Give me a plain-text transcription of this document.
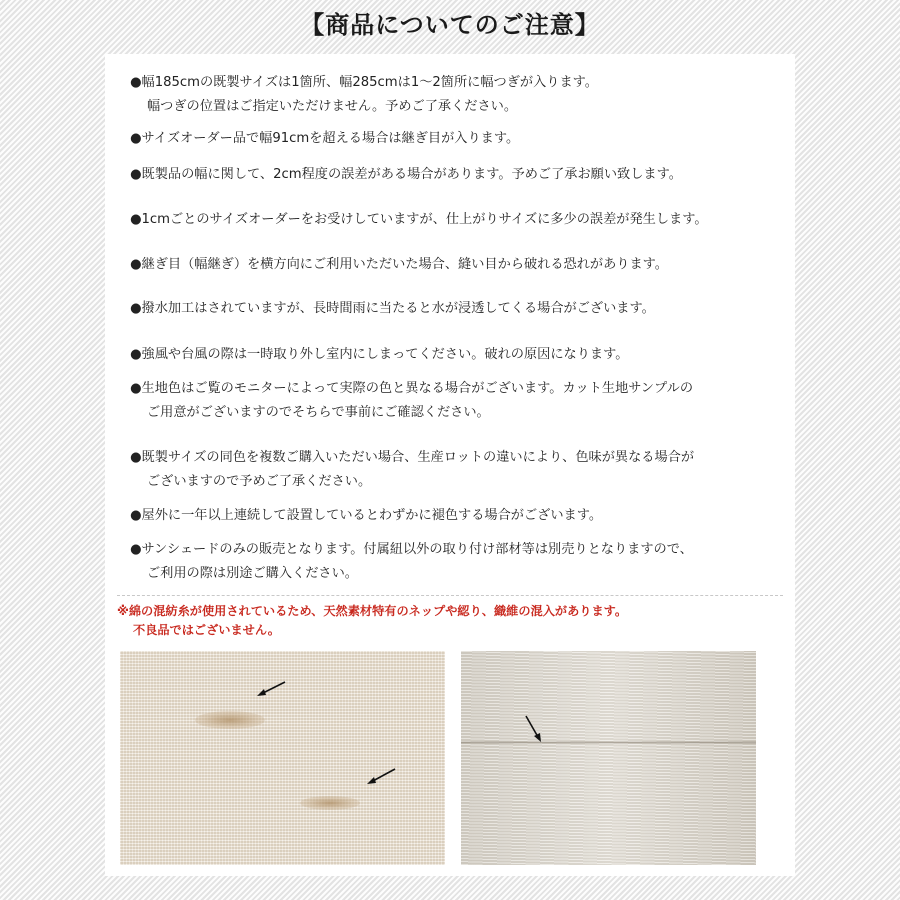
【商品についてのご注意】
●幅185cmの既製サイズは1箇所、幅285cmは1〜2箇所に幅つぎが入ります。
幅つぎの位置はご指定いただけません。予めご了承ください。
●サイズオーダー品で幅91cmを超える場合は継ぎ目が入ります。
●既製品の幅に関して、2cm程度の誤差がある場合があります。予めご了承お願い致します。
●1cmごとのサイズオーダーをお受けしていますが、仕上がりサイズに多少の誤差が発生します。
●継ぎ目（幅継ぎ）を横方向にご利用いただいた場合、縫い目から破れる恐れがあります。
●撥水加工はされていますが、長時間雨に当たると水が浸透してくる場合がございます。
●強風や台風の際は一時取り外し室内にしまってください。破れの原因になります。
●生地色はご覧のモニターによって実際の色と異なる場合がございます。カット生地サンプルの
ご用意がございますのでそちらで事前にご確認ください。
●既製サイズの同色を複数ご購入いただい場合、生産ロットの違いにより、色味が異なる場合が
ございますので予めご了承ください。
●屋外に一年以上連続して設置しているとわずかに褪色する場合がございます。
●サンシェードのみの販売となります。付属紐以外の取り付け部材等は別売りとなりますので、
ご利用の際は別途ご購入ください。
※綿の混紡糸が使用されているため、天然素材特有のネップや綛り、織維の混入があります。
不良品ではございません。
